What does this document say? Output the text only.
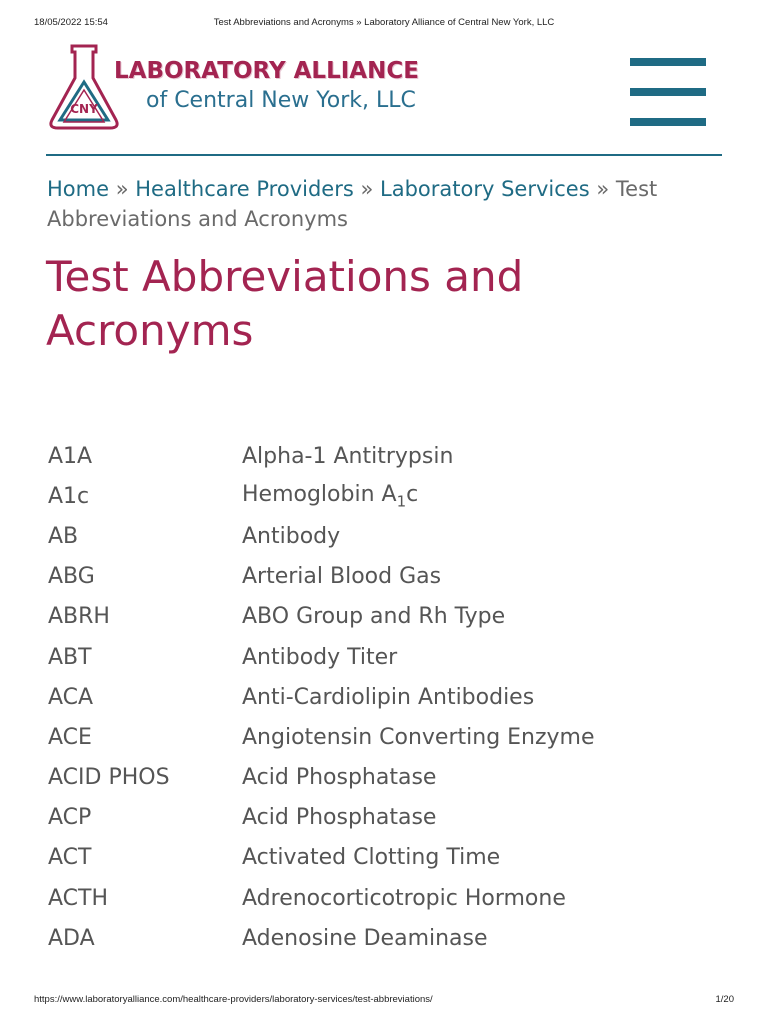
18/05/2022 15:54	Test Abbreviations and Acronyms » Laboratory Alliance of Central New York, LLC
CNY
LABORATORY ALLIANCE
of Central New York, LLC
Home » Healthcare Providers » Laboratory Services » Test Abbreviations and Acronyms
Test Abbreviations and Acronyms
A1A	Alpha-1 Antitrypsin
A1c	Hemoglobin $A_1c$
AB	Antibody
ABG	Arterial Blood Gas
ABRH	ABO Group and Rh Type
ABT	Antibody Titer
ACA	Anti-Cardiolipin Antibodies
ACE	Angiotensin Converting Enzyme
ACID PHOS	Acid Phosphatase
ACP	Acid Phosphatase
ACT	Activated Clotting Time
ACTH	Adrenocorticotropic Hormone
ADA	Adenosine Deaminase
https://www.laboratoryalliance.com/healthcare-providers/laboratory-services/test-abbreviations/	1/20
